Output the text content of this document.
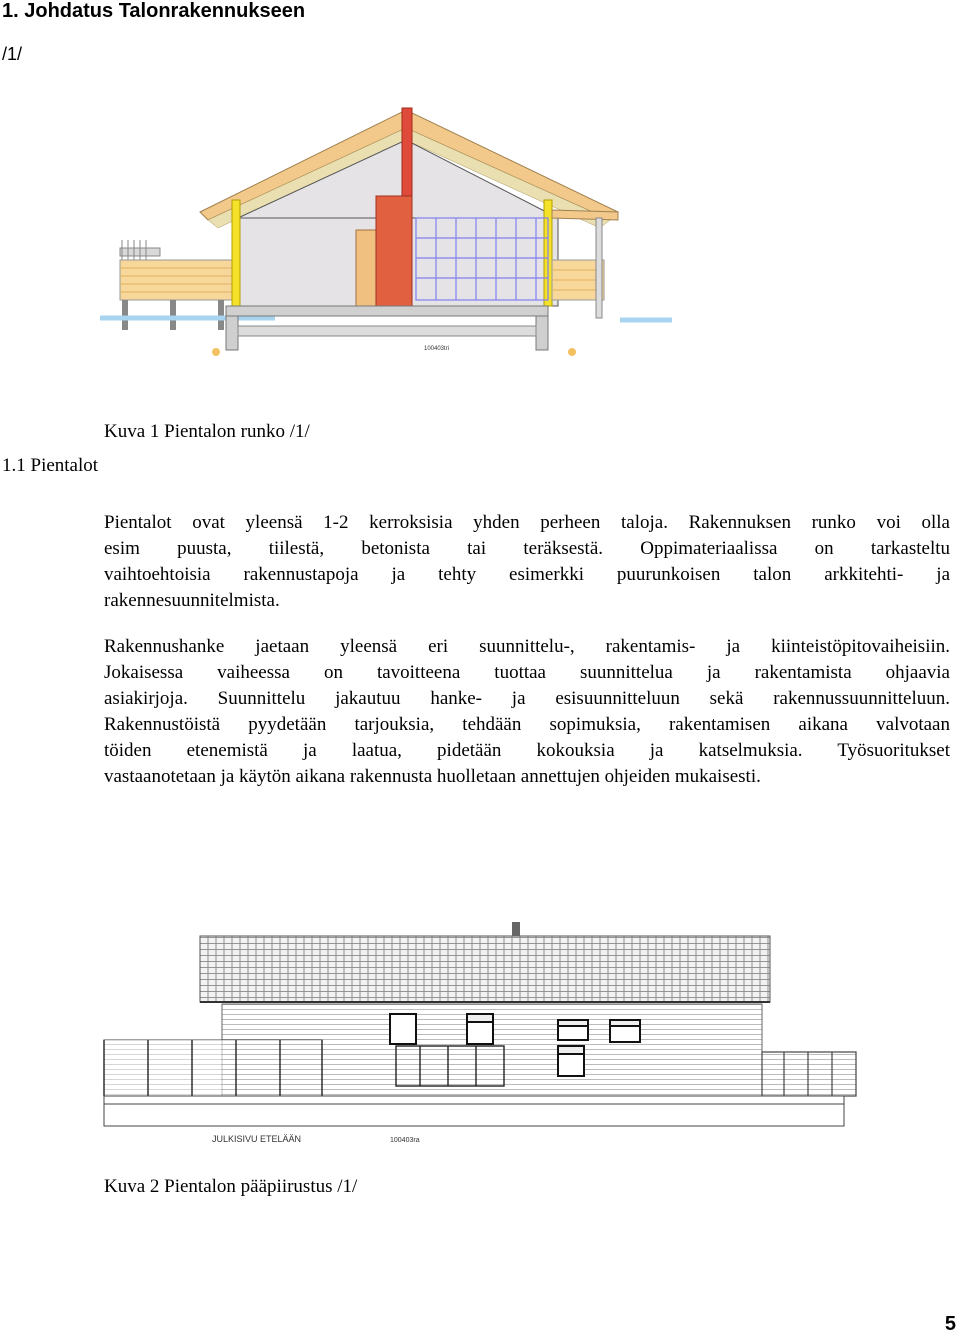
1. Johdatus Talonrakennukseen
/1/
100403tri
Kuva 1 Pientalon runko /1/
1.1 Pientalot
Pientalot ovat yleensä 1-2 kerroksisia yhden perheen taloja. Rakennuksen runko voi olla
esim puusta, tiilestä, betonista tai teräksestä. Oppimateriaalissa on tarkasteltu
vaihtoehtoisia rakennustapoja ja tehty esimerkki puurunkoisen talon arkkitehti- ja
rakennesuunnitelmista.
Rakennushanke jaetaan yleensä eri suunnittelu-, rakentamis- ja kiinteistöpitovaiheisiin.
Jokaisessa vaiheessa on tavoitteena tuottaa suunnittelua ja rakentamista ohjaavia
asiakirjoja. Suunnittelu jakautuu hanke- ja esisuunnitteluun sekä rakennussuunnitteluun.
Rakennustöistä pyydetään tarjouksia, tehdään sopimuksia, rakentamisen aikana valvotaan
töiden etenemistä ja laatua, pidetään kokouksia ja katselmuksia. Työsuoritukset
vastaanotetaan ja käytön aikana rakennusta huolletaan annettujen ohjeiden mukaisesti.
JULKISIVU ETELÄÄN	100403ra
Kuva 2 Pientalon pääpiirustus /1/
5
